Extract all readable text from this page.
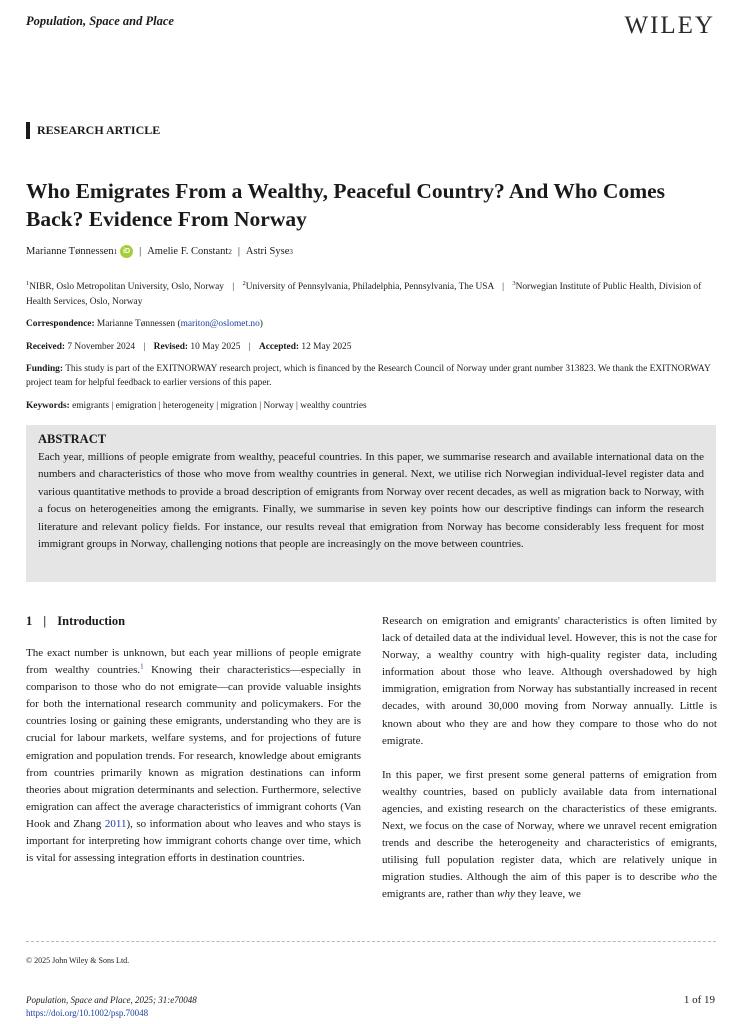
Population, Space and Place	WILEY
RESEARCH ARTICLE
Who Emigrates From a Wealthy, Peaceful Country? And Who Comes Back? Evidence From Norway
Marianne Tønnessen 1 iD | Amelie F. Constant 2 | Astri Syse 3
$^1$NIBR, Oslo Metropolitan University, Oslo, Norway | $^2$University of Pennsylvania, Philadelphia, Pennsylvania, The USA | $^3$Norwegian Institute of Public Health, Division of Health Services, Oslo, Norway
Correspondence: Marianne Tønnessen (mariton@oslomet.no)
Received: 7 November 2024 | Revised: 10 May 2025 | Accepted: 12 May 2025
Funding: This study is part of the EXITNORWAY research project, which is financed by the Research Council of Norway under grant number 313823. We thank the EXITNORWAY project team for helpful feedback to earlier versions of this paper.
Keywords: emigrants | emigration | heterogeneity | migration | Norway | wealthy countries
ABSTRACT
Each year, millions of people emigrate from wealthy, peaceful countries. In this paper, we summarise research and available international data on the numbers and characteristics of those who move from wealthy countries in general. Next, we utilise rich Norwegian individual-level register data and various quantitative methods to provide a broad description of emigrants from Norway over recent decades, as well as migration back to Norway, with a focus on heterogeneities among the emigrants. Finally, we summarise in seven key points how our descriptive findings can inform the research literature and relevant policy fields. For instance, our results reveal that emigration from Norway has become considerably less frequent for most immigrant groups in Norway, challenging notions that people are increasingly on the move between countries.
1 | Introduction

The exact number is unknown, but each year millions of people emigrate from wealthy countries.$^1$ Knowing their characteristics—especially in comparison to those who do not emigrate—can provide valuable insights for both the international research community and policymakers. For the countries losing or gaining these emigrants, understanding who they are is crucial for labour markets, welfare systems, and for projections of future emigration and population trends. For research, knowledge about emigrants from countries primarily known as migration destinations can inform theories about migration determinants and selection. Furthermore, selective emigration can affect the average characteristics of immigrant cohorts (Van Hook and Zhang 2011), so information about who leaves and who stays is important for interpreting how immigrant cohorts change over time, which is vital for assessing integration efforts in destination countries.

Research on emigration and emigrants' characteristics is often limited by lack of detailed data at the individual level. However, this is not the case for Norway, a wealthy country with high-quality register data, including information about those who leave. Although overshadowed by high immigration, emigration from Norway has substantially increased in recent decades, with around 30,000 moving from Norway annually. Little is known about who they are and how they compare to those who do not emigrate.

In this paper, we first present some general patterns of emigration from wealthy countries, based on publicly available data from international agencies, and existing research on the characteristics of these emigrants. Next, we focus on the case of Norway, where we unravel recent emigration trends and describe the heterogeneity and characteristics of emigrants, utilising full population register data, which are relatively unique in migration studies. Although the aim of this paper is to describe who the emigrants are, rather than why they leave, we

© 2025 John Wiley & Sons Ltd.
Population, Space and Place, 2025; 31:e70048
https://doi.org/10.1002/psp.70048
1 of 19
